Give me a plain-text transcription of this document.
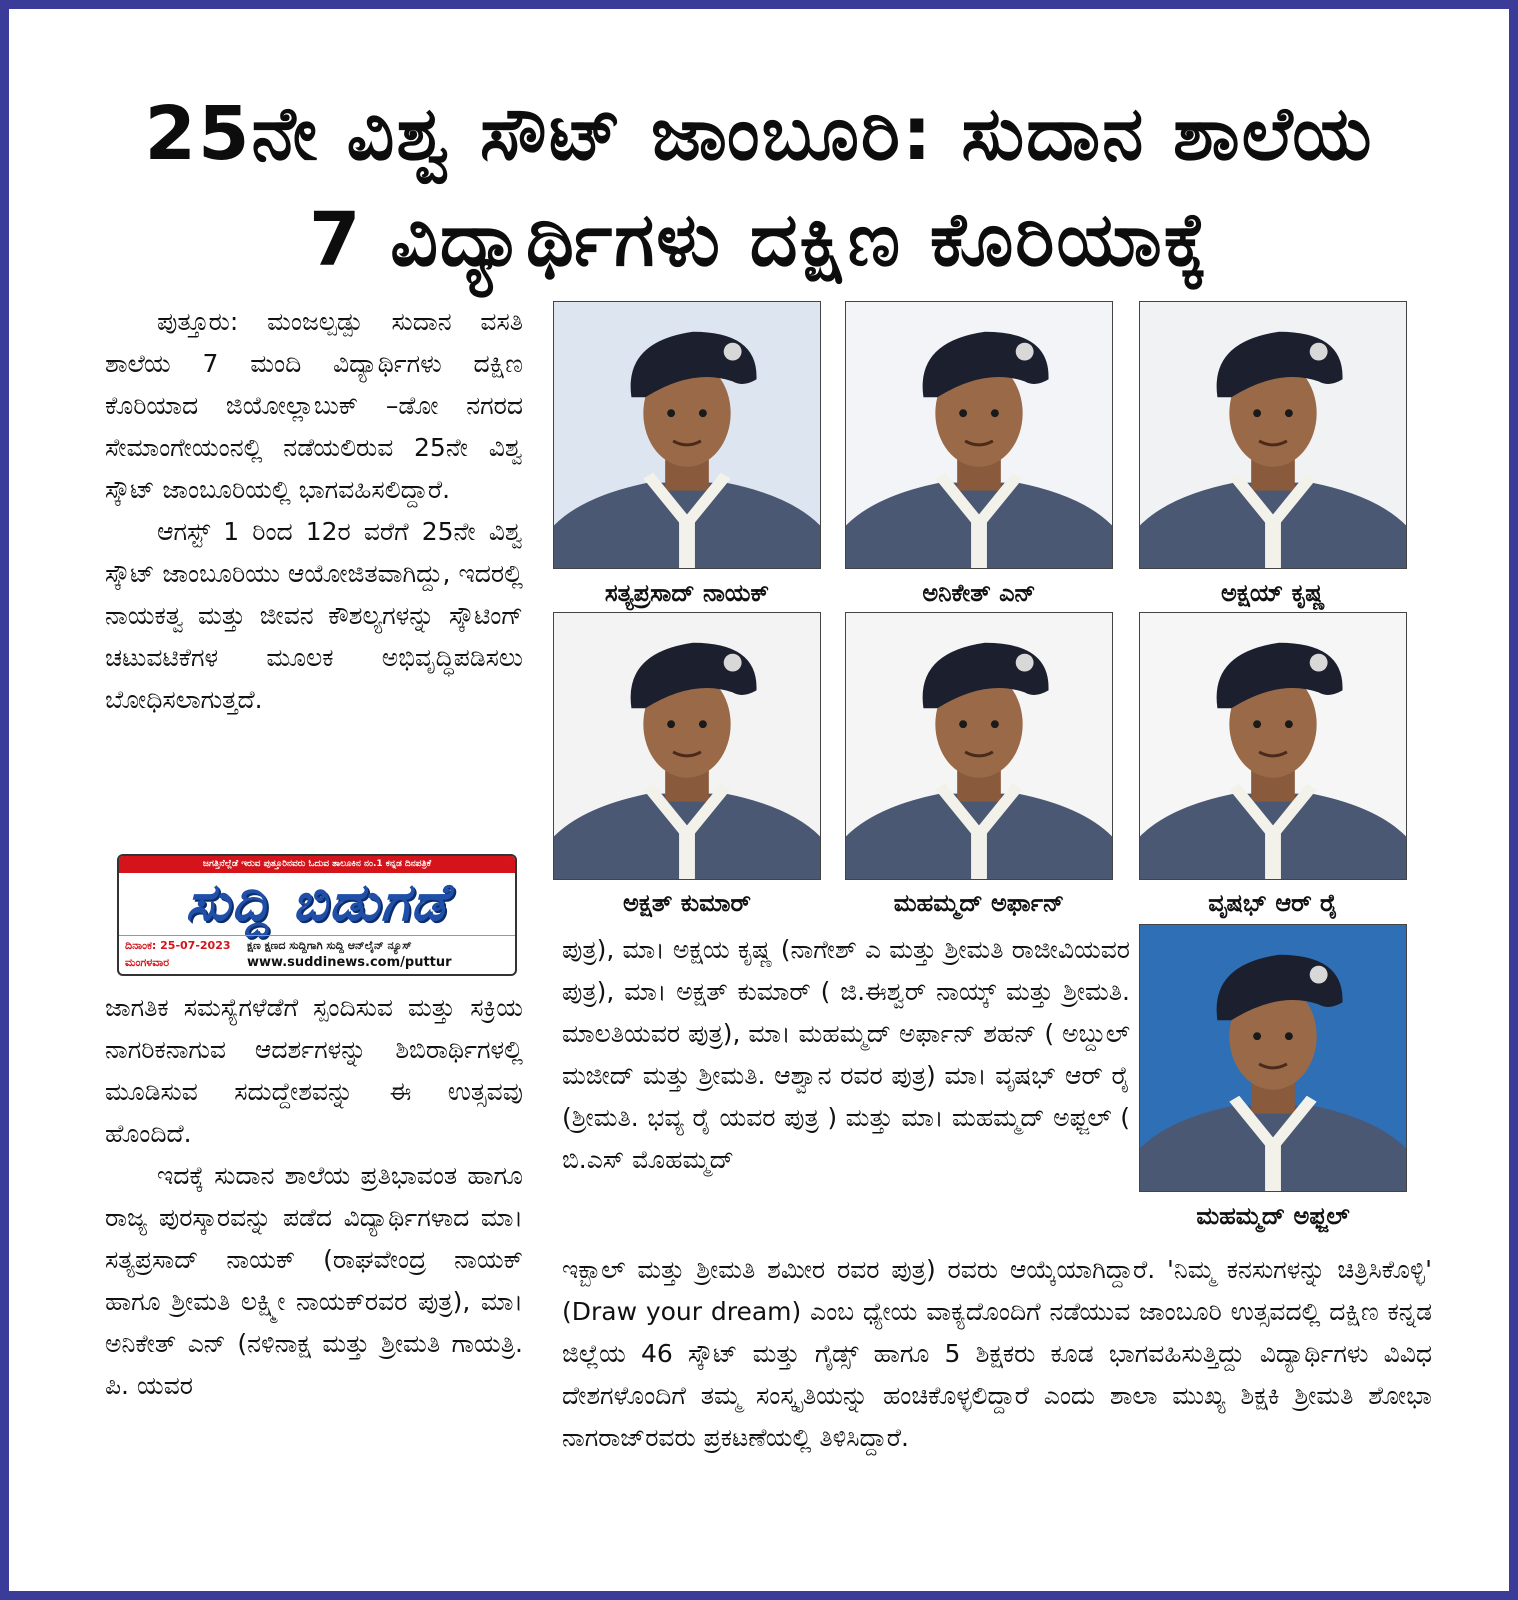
25ನೇ ವಿಶ್ವ ಸೌಟ್ ಜಾಂಬೂರಿ: ಸುದಾನ ಶಾಲೆಯ
7 ವಿದ್ಯಾರ್ಥಿಗಳು ದಕ್ಷಿಣ ಕೊರಿಯಾಕ್ಕೆ

ಪುತ್ತೂರು: ಮಂಜಲ್ಪಡ್ಪು ಸುದಾನ ವಸತಿ ಶಾಲೆಯ 7 ಮಂದಿ ವಿದ್ಯಾರ್ಥಿಗಳು ದಕ್ಷಿಣ ಕೊರಿಯಾದ ಜಿಯೋಲ್ಲಾಬುಕ್ –ಡೋ ನಗರದ ಸೇಮಾಂಗೇಯಂನಲ್ಲಿ ನಡೆಯಲಿರುವ 25ನೇ ವಿಶ್ವ ಸ್ಕೌಟ್ ಜಾಂಬೂರಿಯಲ್ಲಿ ಭಾಗವಹಿಸಲಿದ್ದಾರೆ.

ಆಗಸ್ಟ್ 1 ರಿಂದ 12ರ ವರೆಗೆ 25ನೇ ವಿಶ್ವ ಸ್ಕೌಟ್ ಜಾಂಬೂರಿಯು ಆಯೋಜಿತವಾಗಿದ್ದು, ಇದರಲ್ಲಿ ನಾಯಕತ್ವ ಮತ್ತು ಜೀವನ ಕೌಶಲ್ಯಗಳನ್ನು ಸ್ಕೌಟಿಂಗ್ ಚಟುವಟಿಕೆಗಳ ಮೂಲಕ ಅಭಿವೃದ್ಧಿಪಡಿಸಲು ಬೋಧಿಸಲಾಗುತ್ತದೆ.

ಜಗತ್ತಿನೆಲ್ಲೆಡೆ ಇರುವ ಪುತ್ತೂರಿನವರು ಓದುವ ತಾಲೂಕಿನ ನಂ.1 ಕನ್ನಡ ದಿನಪತ್ರಿಕೆ
ಸುದ್ದಿ ಬಿಡುಗಡೆ
ದಿನಾಂಕ: 25-07-2023
ಮಂಗಳವಾರ
ಕ್ಷಣ ಕ್ಷಣದ ಸುದ್ದಿಗಾಗಿ ಸುದ್ದಿ ಆನ್‌ಲೈನ್ ನ್ಯೂಸ್
www.suddinews.com/puttur

ಜಾಗತಿಕ ಸಮಸ್ಯೆಗಳೆಡೆಗೆ ಸ್ಪಂದಿಸುವ ಮತ್ತು ಸಕ್ರಿಯ ನಾಗರಿಕನಾಗುವ ಆದರ್ಶಗಳನ್ನು ಶಿಬಿರಾರ್ಥಿಗಳಲ್ಲಿ ಮೂಡಿಸುವ ಸದುದ್ದೇಶವನ್ನು ಈ ಉತ್ಸವವು ಹೊಂದಿದೆ.

ಇದಕ್ಕೆ ಸುದಾನ ಶಾಲೆಯ ಪ್ರತಿಭಾವಂತ ಹಾಗೂ ರಾಜ್ಯ ಪುರಸ್ಕಾರವನ್ನು ಪಡೆದ ವಿದ್ಯಾರ್ಥಿಗಳಾದ ಮಾ। ಸತ್ಯಪ್ರಸಾದ್ ನಾಯಕ್ (ರಾಘವೇಂದ್ರ ನಾಯಕ್ ಹಾಗೂ ಶ್ರೀಮತಿ ಲಕ್ಷ್ಮೀ ನಾಯಕ್‌ರವರ ಪುತ್ರ), ಮಾ। ಅನಿಕೇತ್ ಎನ್ (ನಳಿನಾಕ್ಷ ಮತ್ತು ಶ್ರೀಮತಿ ಗಾಯತ್ರಿ. ಪಿ. ಯವರ

ಸತ್ಯಪ್ರಸಾದ್ ನಾಯಕ್	ಅನಿಕೇತ್ ಎನ್	ಅಕ್ಷಯ್ ಕೃಷ್ಣ
ಅಕ್ಷತ್ ಕುಮಾರ್	ಮಹಮ್ಮದ್ ಅರ್ಫಾನ್	ವೃಷಭ್ ಆರ್ ರೈ
ಮಹಮ್ಮದ್ ಅಫ್ಜಲ್

ಪುತ್ರ), ಮಾ। ಅಕ್ಷಯ ಕೃಷ್ಣ (ನಾಗೇಶ್ ಎ ಮತ್ತು ಶ್ರೀಮತಿ ರಾಜೀವಿಯವರ ಪುತ್ರ), ಮಾ। ಅಕ್ಷತ್ ಕುಮಾರ್ ( ಜಿ.ಈಶ್ವರ್ ನಾಯ್ಕ್ ಮತ್ತು ಶ್ರೀಮತಿ. ಮಾಲತಿಯವರ ಪುತ್ರ), ಮಾ। ಮಹಮ್ಮದ್ ಅರ್ಫಾನ್ ಶಹನ್ ( ಅಬ್ದುಲ್ ಮಜೀದ್ ಮತ್ತು ಶ್ರೀಮತಿ. ಆಶ್ವಾನ ರವರ ಪುತ್ರ) ಮಾ। ವೃಷಭ್ ಆರ್ ರೈ (ಶ್ರೀಮತಿ. ಭವ್ಯ ರೈ ಯವರ ಪುತ್ರ ) ಮತ್ತು ಮಾ। ಮಹಮ್ಮದ್ ಅಫ್ಜಲ್ ( ಬಿ.ಎಸ್ ಮೊಹಮ್ಮದ್

ಇಕ್ಬಾಲ್ ಮತ್ತು ಶ್ರೀಮತಿ ಶಮೀರ ರವರ ಪುತ್ರ) ರವರು ಆಯ್ಕೆಯಾಗಿದ್ದಾರೆ. 'ನಿಮ್ಮ ಕನಸುಗಳನ್ನು ಚಿತ್ರಿಸಿಕೊಳ್ಳಿ' (Draw your dream) ಎಂಬ ಧ್ಯೇಯ ವಾಕ್ಯದೊಂದಿಗೆ ನಡೆಯುವ ಜಾಂಬೂರಿ ಉತ್ಸವದಲ್ಲಿ ದಕ್ಷಿಣ ಕನ್ನಡ ಜಿಲ್ಲೆಯ 46 ಸ್ಕೌಟ್ ಮತ್ತು ಗೈಡ್ಸ್ ಹಾಗೂ 5 ಶಿಕ್ಷಕರು ಕೂಡ ಭಾಗವಹಿಸುತ್ತಿದ್ದು ವಿದ್ಯಾರ್ಥಿಗಳು ವಿವಿಧ ದೇಶಗಳೊಂದಿಗೆ ತಮ್ಮ ಸಂಸ್ಕೃತಿಯನ್ನು ಹಂಚಿಕೊಳ್ಳಲಿದ್ದಾರೆ ಎಂದು ಶಾಲಾ ಮುಖ್ಯ ಶಿಕ್ಷಕಿ ಶ್ರೀಮತಿ ಶೋಭಾ ನಾಗರಾಜ್‌ರವರು ಪ್ರಕಟಣೆಯಲ್ಲಿ ತಿಳಿಸಿದ್ದಾರೆ.
